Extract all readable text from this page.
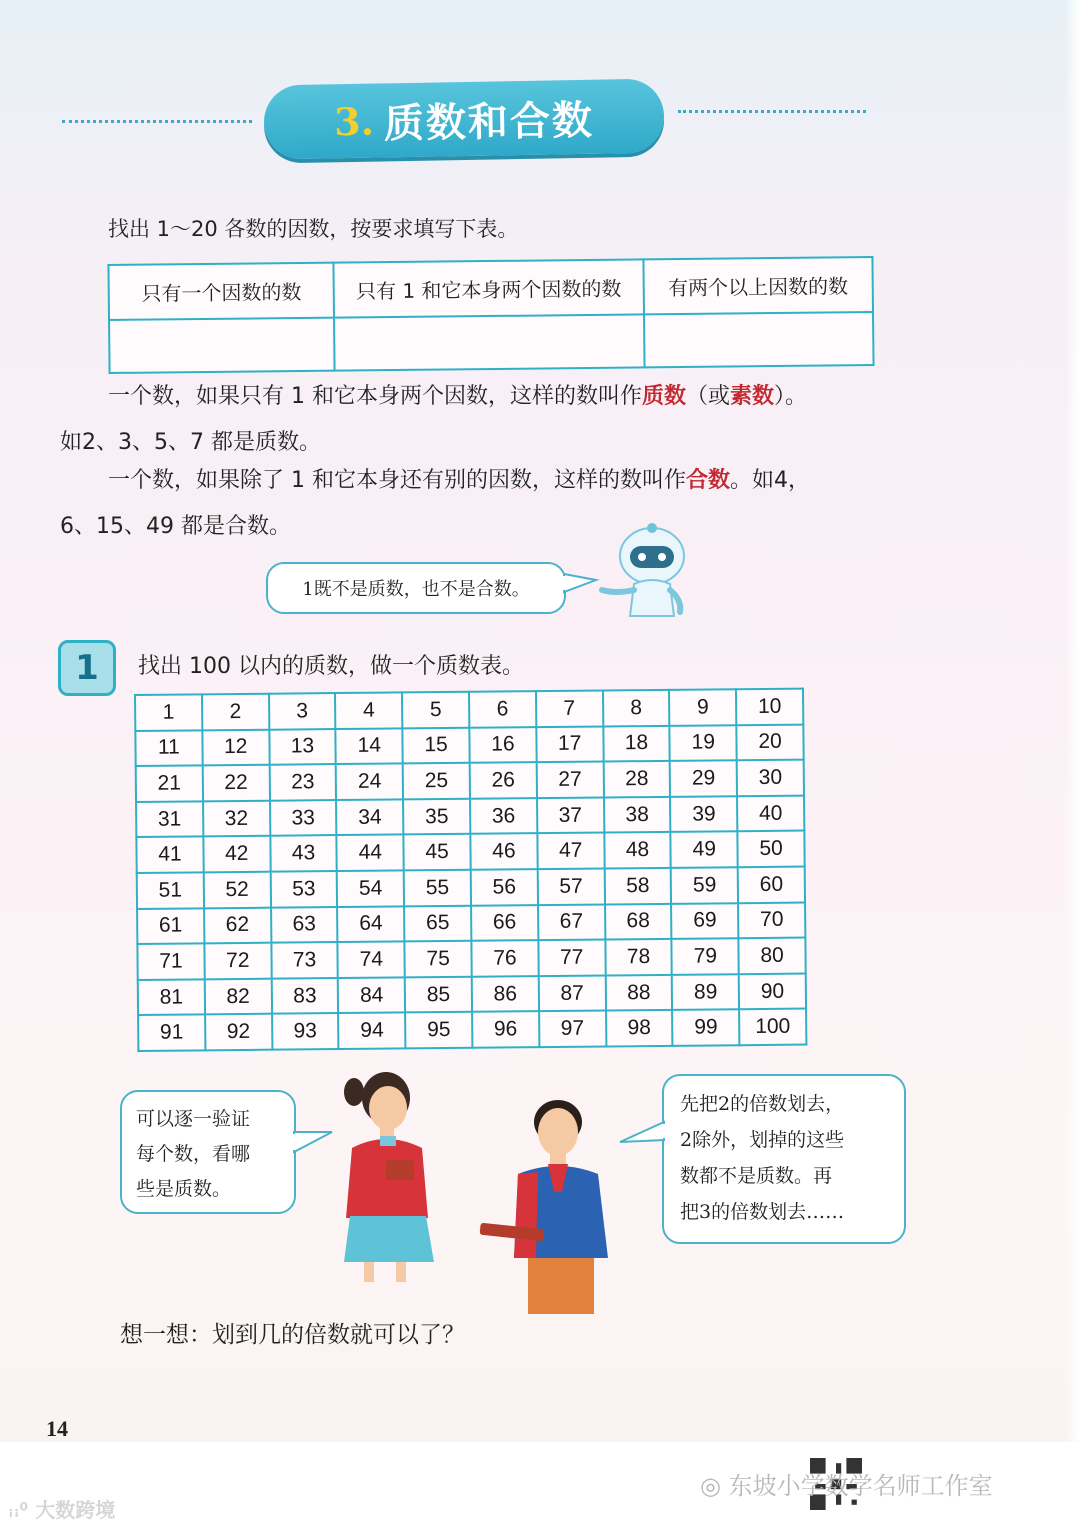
3. 质数和合数
找出 1～20 各数的因数，按要求填写下表。
只有一个因数的数	只有 1 和它本身两个因数的数	有两个以上因数的数

一个数，如果只有 1 和它本身两个因数，这样的数叫作质数（或素数）。
如2、3、5、7 都是质数。
一个数，如果除了 1 和它本身还有别的因数，这样的数叫作合数。如4，
6、15、49 都是合数。
1既不是质数，也不是合数。
1 找出 100 以内的质数，做一个质数表。
1	2	3	4	5	6	7	8	9	10
11	12	13	14	15	16	17	18	19	20
21	22	23	24	25	26	27	28	29	30
31	32	33	34	35	36	37	38	39	40
41	42	43	44	45	46	47	48	49	50
51	52	53	54	55	56	57	58	59	60
61	62	63	64	65	66	67	68	69	70
71	72	73	74	75	76	77	78	79	80
81	82	83	84	85	86	87	88	89	90
91	92	93	94	95	96	97	98	99	100
可以逐一验证
每个数，看哪
些是质数。
先把2的倍数划去，
2除外，划掉的这些
数都不是质数。再
把3的倍数划去……
想一想：划到几的倍数就可以了？
14
ꜟꜟ⁰ 大数跨境
◎ 东坡小学数学名师工作室
